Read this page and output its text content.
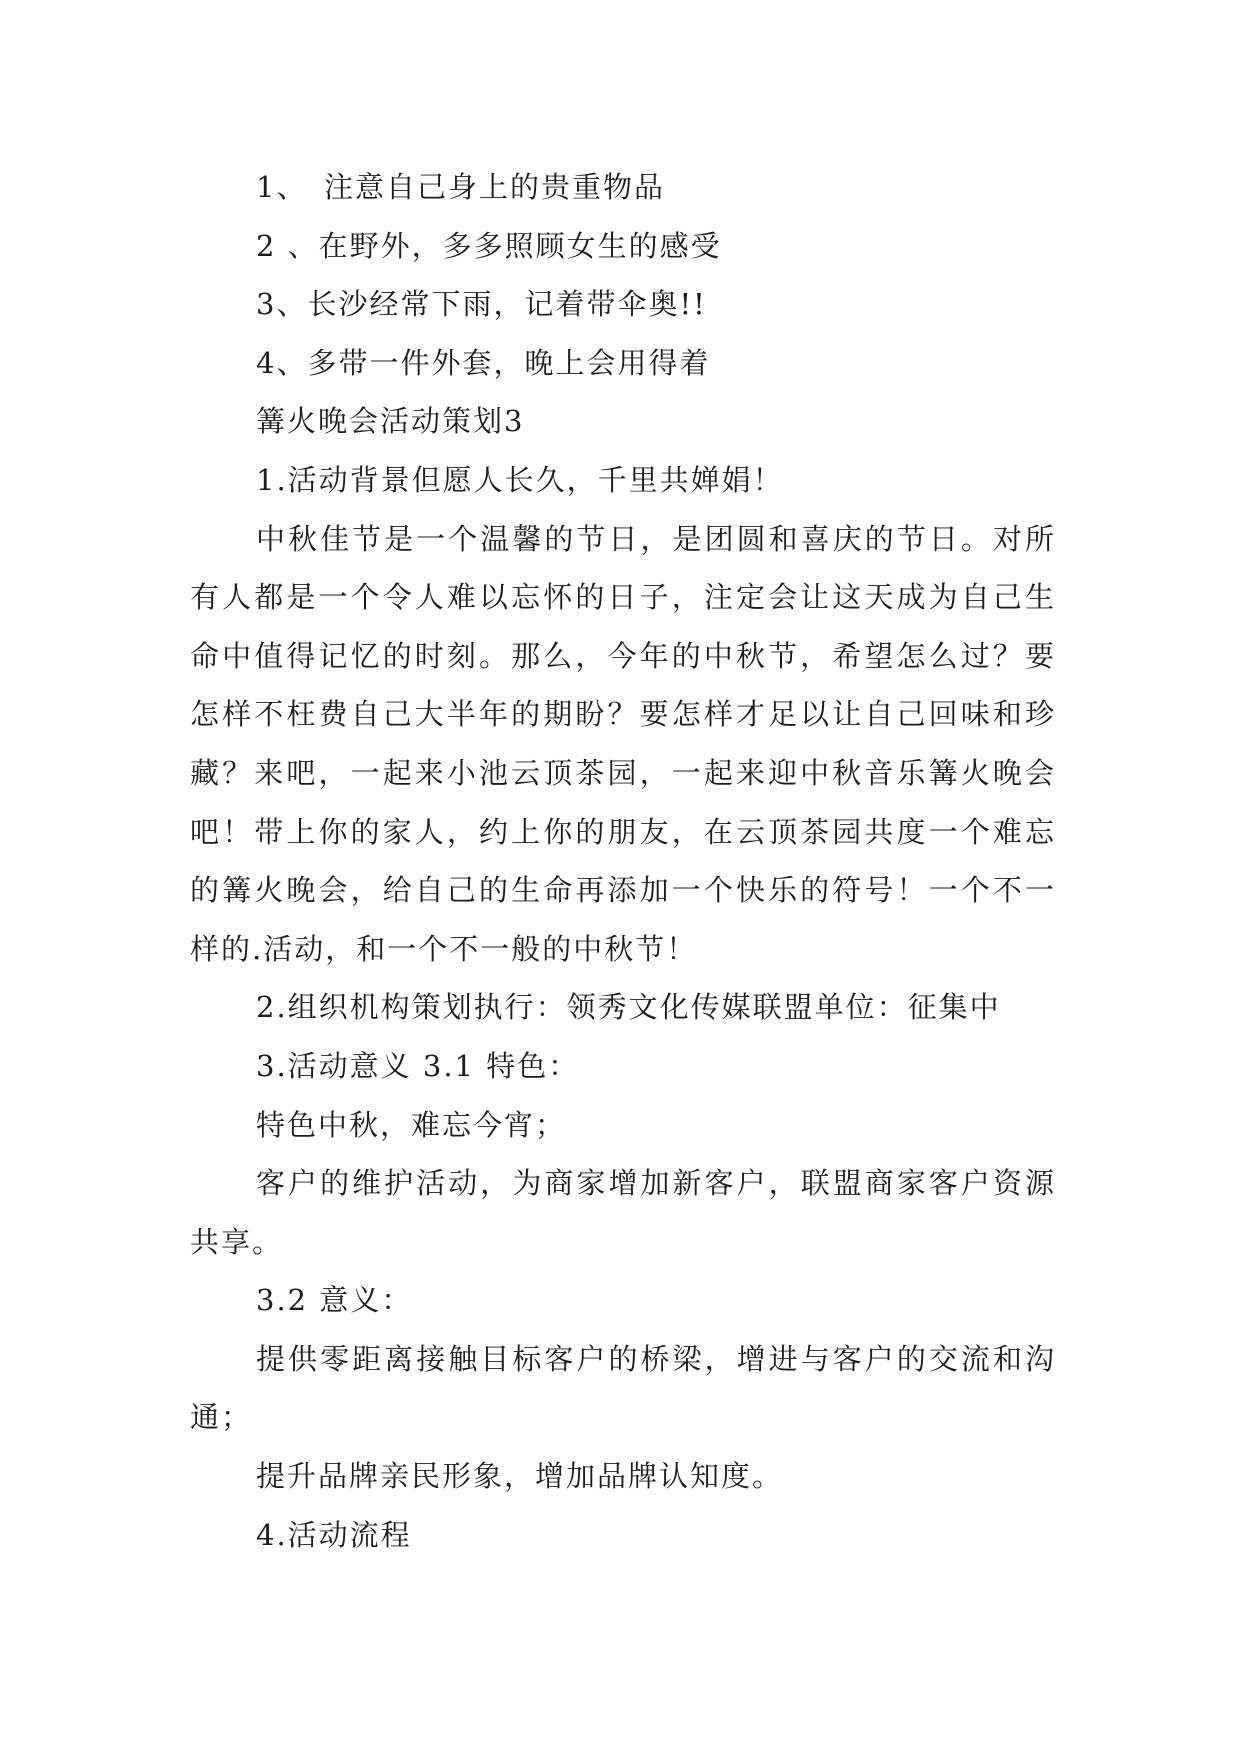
1、　注意自己身上的贵重物品

2 、在野外，多多照顾女生的感受

3、长沙经常下雨，记着带伞奥!!

4、多带一件外套，晚上会用得着

篝火晚会活动策划3

1.活动背景但愿人长久，千里共婵娟！

中秋佳节是一个温馨的节日，是团圆和喜庆的节日。对所有人都是一个令人难以忘怀的日子，注定会让这天成为自己生命中值得记忆的时刻。那么，今年的中秋节，希望怎么过？要怎样不枉费自己大半年的期盼？要怎样才足以让自己回味和珍藏？来吧，一起来小池云顶茶园，一起来迎中秋音乐篝火晚会吧！带上你的家人，约上你的朋友，在云顶茶园共度一个难忘的篝火晚会，给自己的生命再添加一个快乐的符号！一个不一样的.活动，和一个不一般的中秋节！

2.组织机构策划执行：领秀文化传媒联盟单位：征集中

3.活动意义 3.1 特色：

特色中秋，难忘今宵；

客户的维护活动，为商家增加新客户，联盟商家客户资源共享。

3.2 意义：

提供零距离接触目标客户的桥梁，增进与客户的交流和沟通；

提升品牌亲民形象，增加品牌认知度。

4.活动流程
